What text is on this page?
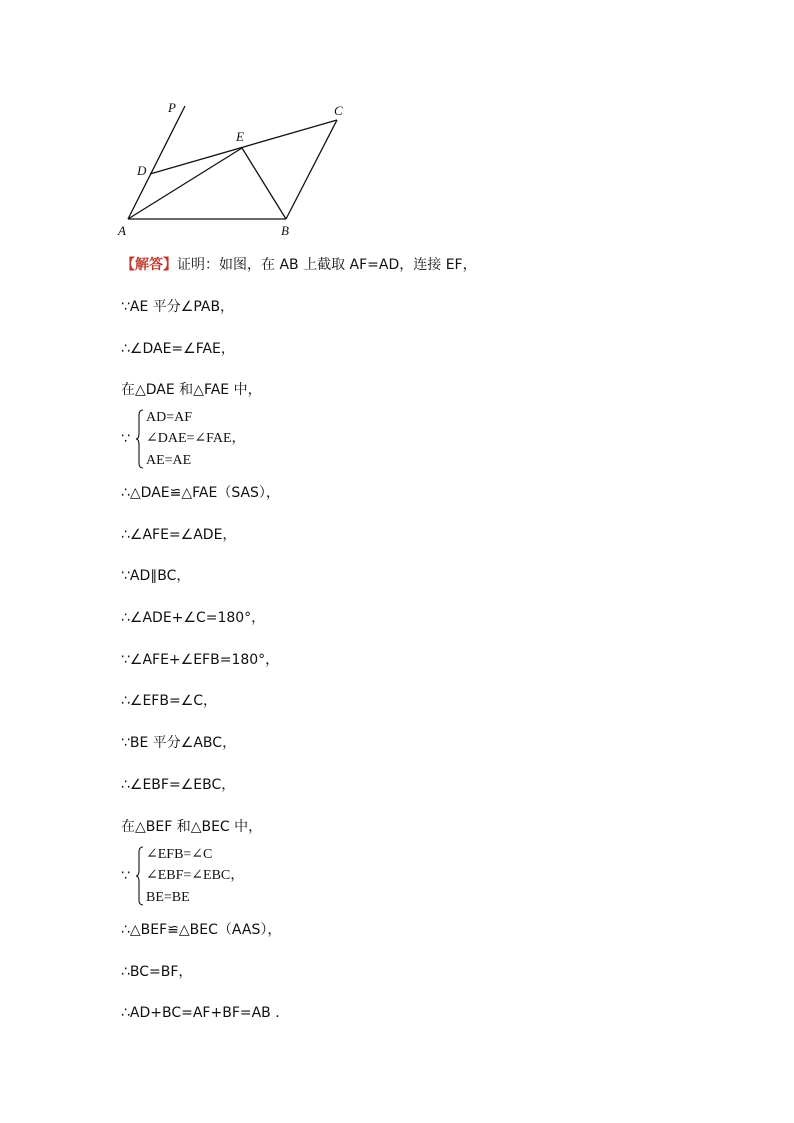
P	C
E
D
A	B
【解答】证明：如图，在 AB 上截取 AF=AD，连接 EF，
∵AE 平分∠PAB，
∴∠DAE=∠FAE，
在△DAE 和△FAE 中，
∵
AD=AF
∠DAE=∠FAE，
AE=AE
∴△DAE≌△FAE（SAS），
∴∠AFE=∠ADE，
∵AD∥BC，
∴∠ADE+∠C=180°，
∵∠AFE+∠EFB=180°，
∴∠EFB=∠C，
∵BE 平分∠ABC，
∴∠EBF=∠EBC，
在△BEF 和△BEC 中，
∵
∠EFB=∠C
∠EBF=∠EBC，
BE=BE
∴△BEF≌△BEC（AAS），
∴BC=BF，
∴AD+BC=AF+BF=AB ．
